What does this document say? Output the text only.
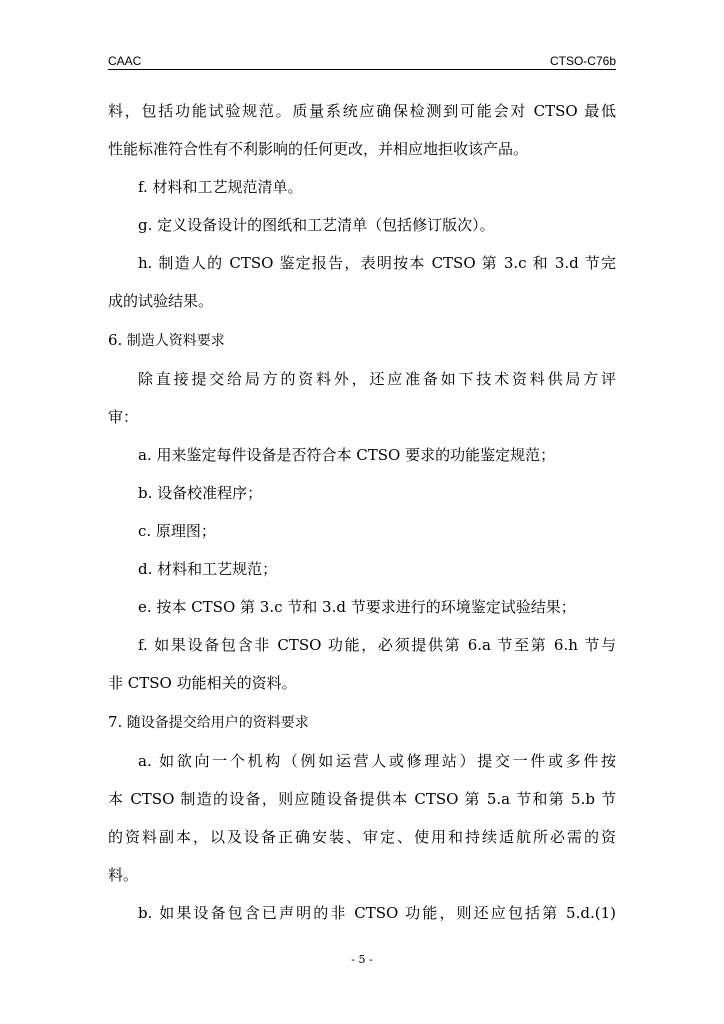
CAAC	CTSO-C76b
料，包括功能试验规范。质量系统应确保检测到可能会对 CTSO 最低
性能标准符合性有不利影响的任何更改，并相应地拒收该产品。
f. 材料和工艺规范清单。
g. 定义设备设计的图纸和工艺清单（包括修订版次）。
h. 制造人的 CTSO 鉴定报告，表明按本 CTSO 第 3.c 和 3.d 节完
成的试验结果。
6. 制造人资料要求
除直接提交给局方的资料外，还应准备如下技术资料供局方评
审：
a. 用来鉴定每件设备是否符合本 CTSO 要求的功能鉴定规范；
b. 设备校准程序；
c. 原理图；
d. 材料和工艺规范；
e. 按本 CTSO 第 3.c 节和 3.d 节要求进行的环境鉴定试验结果；
f. 如果设备包含非 CTSO 功能，必须提供第 6.a 节至第 6.h 节与
非 CTSO 功能相关的资料。
7. 随设备提交给用户的资料要求
a. 如欲向一个机构（例如运营人或修理站）提交一件或多件按
本 CTSO 制造的设备，则应随设备提供本 CTSO 第 5.a 节和第 5.b 节
的资料副本，以及设备正确安装、审定、使用和持续适航所必需的资
料。
b. 如果设备包含已声明的非 CTSO 功能，则还应包括第 5.d.(1)
- 5 -
